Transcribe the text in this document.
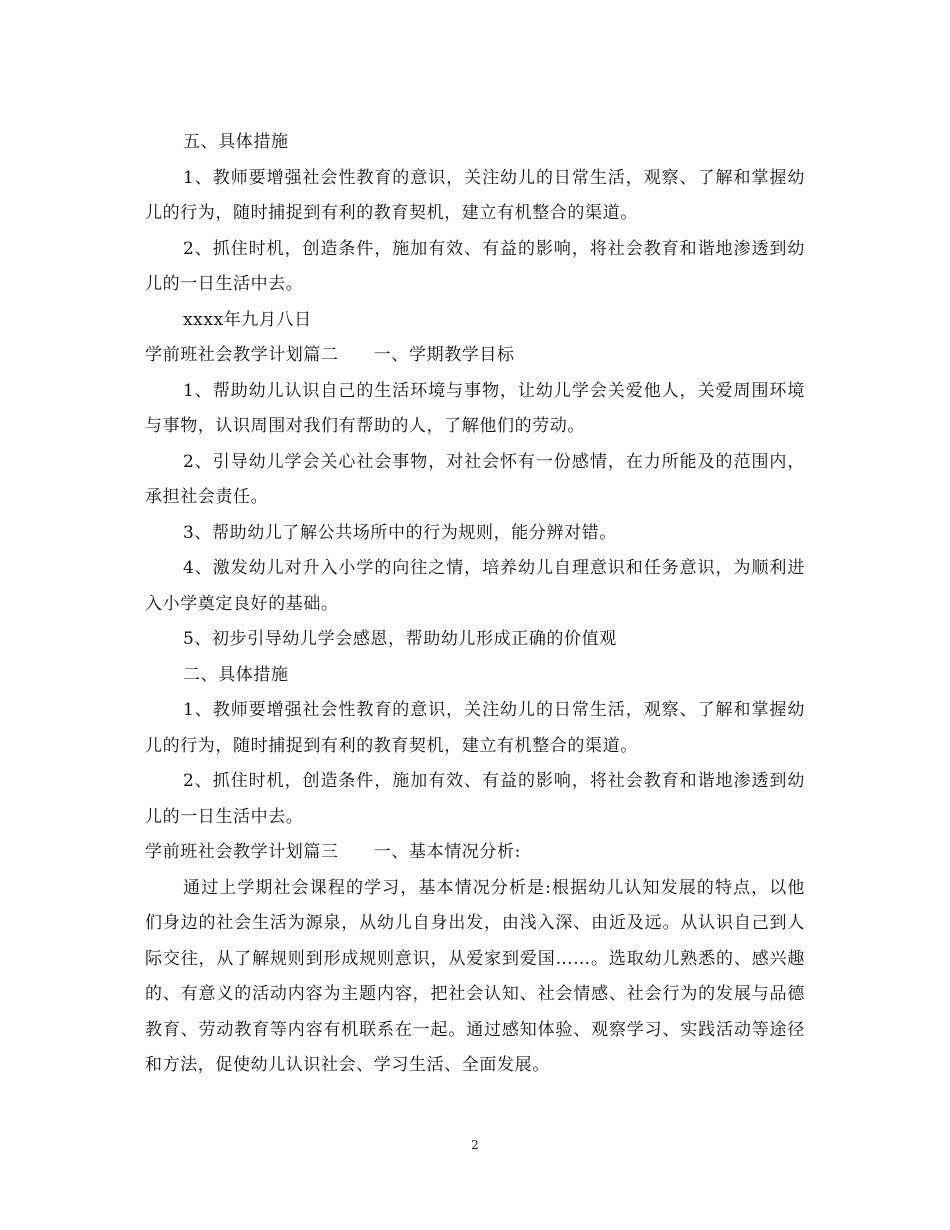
五、具体措施

1、教师要增强社会性教育的意识，关注幼儿的日常生活，观察、了解和掌握幼儿的行为，随时捕捉到有利的教育契机，建立有机整合的渠道。

2、抓住时机，创造条件，施加有效、有益的影响，将社会教育和谐地渗透到幼儿的一日生活中去。

xxxx年九月八日

学前班社会教学计划篇二　　一、学期教学目标

1、帮助幼儿认识自己的生活环境与事物，让幼儿学会关爱他人，关爱周围环境与事物，认识周围对我们有帮助的人，了解他们的劳动。

2、引导幼儿学会关心社会事物，对社会怀有一份感情，在力所能及的范围内，承担社会责任。

3、帮助幼儿了解公共场所中的行为规则，能分辨对错。

4、激发幼儿对升入小学的向往之情，培养幼儿自理意识和任务意识，为顺利进入小学奠定良好的基础。

5、初步引导幼儿学会感恩，帮助幼儿形成正确的价值观

二、具体措施

1、教师要增强社会性教育的意识，关注幼儿的日常生活，观察、了解和掌握幼儿的行为，随时捕捉到有利的教育契机，建立有机整合的渠道。

2、抓住时机，创造条件，施加有效、有益的影响，将社会教育和谐地渗透到幼儿的一日生活中去。

学前班社会教学计划篇三　　一、基本情况分析:

通过上学期社会课程的学习，基本情况分析是:根据幼儿认知发展的特点，以他们身边的社会生活为源泉，从幼儿自身出发，由浅入深、由近及远。从认识自己到人际交往，从了解规则到形成规则意识，从爱家到爱国……。选取幼儿熟悉的、感兴趣的、有意义的活动内容为主题内容，把社会认知、社会情感、社会行为的发展与品德教育、劳动教育等内容有机联系在一起。通过感知体验、观察学习、实践活动等途径和方法，促使幼儿认识社会、学习生活、全面发展。

2
